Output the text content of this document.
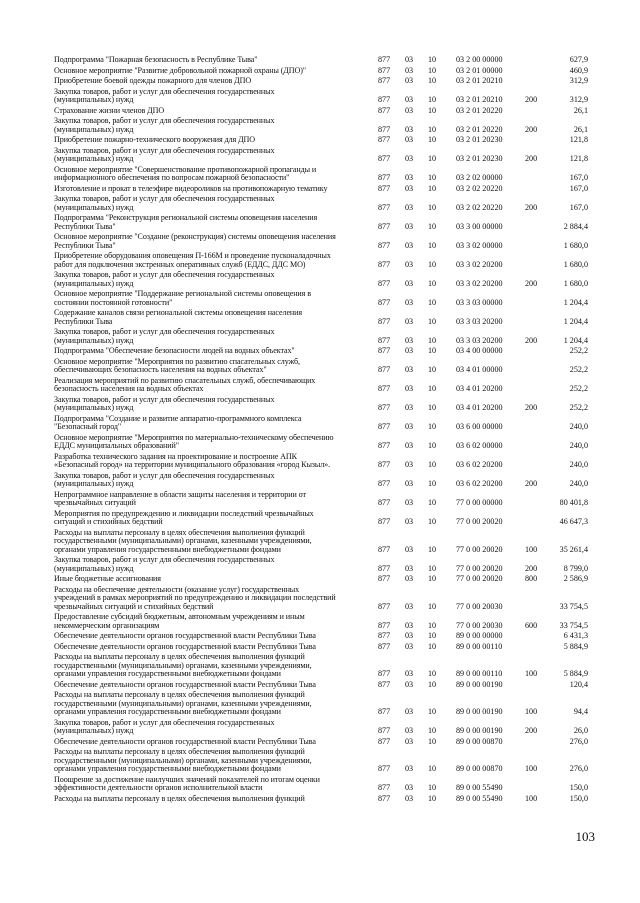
Подпрограмма "Пожарная безопасность в Республике Тыва"	877 03 10 03 2 00 00000	627,9
Основное мероприятие "Развитие добровольной пожарной охраны (ДПО)"	877 03 10 03 2 01 00000	460,9
Приобретение боевой одежды пожарного для членов ДПО	877 03 10 03 2 01 20210	312,9
Закупка товаров, работ и услуг для обеспечения государственных
(муниципальных) нужд	877 03 10 03 2 01 20210	200	312,9
Страхование жизни членов ДПО	877 03 10 03 2 01 20220	26,1
Закупка товаров, работ и услуг для обеспечения государственных
(муниципальных) нужд	877 03 10 03 2 01 20220	200	26,1
Приобретение пожарно-технического вооружения для ДПО	877 03 10 03 2 01 20230	121,8
Закупка товаров, работ и услуг для обеспечения государственных
(муниципальных) нужд	877 03 10 03 2 01 20230	200	121,8
Основное мероприятие "Совершенствование противопожарной пропаганды и
информационного обеспечения по вопросам пожарной безопасности"	877 03 10 03 2 02 00000	167,0
Изготовление и прокат в телеэфире видеороликов на противопожарную тематику	877 03 10 03 2 02 20220	167,0
Закупка товаров, работ и услуг для обеспечения государственных
(муниципальных) нужд	877 03 10 03 2 02 20220	200	167,0
Подпрограмма "Реконструкция региональной системы оповещения населения
Республики Тыва"	877 03 10 03 3 00 00000	2 884,4
Основное мероприятие "Создание (реконструкция) системы оповещения населения
Республики Тыва"	877 03 10 03 3 02 00000	1 680,0
Приобретение оборудования оповещения П-166М и проведение пусконаладочных
работ для подключения экстренных оперативных служб (ЕДДС, ДДС МО)	877 03 10 03 3 02 20200	1 680,0
Закупка товаров, работ и услуг для обеспечения государственных
(муниципальных) нужд	877 03 10 03 3 02 20200	200	1 680,0
Основное мероприятие "Поддержание региональной системы оповещения в
состоянии постоянной готовности"	877 03 10 03 3 03 00000	1 204,4
Содержание каналов связи региональной системы оповещения населения
Республики Тыва	877 03 10 03 3 03 20200	1 204,4
Закупка товаров, работ и услуг для обеспечения государственных
(муниципальных) нужд	877 03 10 03 3 03 20200	200	1 204,4
Подпрограмма "Обеспечение безопасности людей на водных объектах"	877 03 10 03 4 00 00000	252,2
Основное мероприятие "Мероприятия по развитию спасательных служб,
обеспечивающих безопасность населения на водных объектах"	877 03 10 03 4 01 00000	252,2
Реализация мероприятий по развитию спасательных служб, обеспечивающих
безопасность населения на водных объектах	877 03 10 03 4 01 20200	252,2
Закупка товаров, работ и услуг для обеспечения государственных
(муниципальных) нужд	877 03 10 03 4 01 20200	200	252,2
Подпрограмма "Создание и развитие аппаратно-программного комплекса
"Безопасный город"	877 03 10 03 6 00 00000	240,0
Основное мероприятие "Мероприятия по материально-техническому обеспечению
ЕДДС муниципальных образований"	877 03 10 03 6 02 00000	240,0
Разработка технического задания на проектирование и построение АПК
«Безопасный город» на территории муниципального образования «город Кызыл».	877 03 10 03 6 02 20200	240,0
Закупка товаров, работ и услуг для обеспечения государственных
(муниципальных) нужд	877 03 10 03 6 02 20200	200	240,0
Непрограммное направление в области защиты населения и территории от
чрезвычайных ситуаций	877 03 10 77 0 00 00000	80 401,8
Мероприятия по предупреждению и ликвидации последствий чрезвычайных
ситуаций и стихийных бедствий	877 03 10 77 0 00 20020	46 647,3
Расходы на выплаты персоналу в целях обеспечения выполнения функций
государственными (муниципальными) органами, казенными учреждениями,
органами управления государственными внебюджетными фондами	877 03 10 77 0 00 20020	100	35 261,4
Закупка товаров, работ и услуг для обеспечения государственных
(муниципальных) нужд	877 03 10 77 0 00 20020	200	8 799,0
Иные бюджетные ассигнования	877 03 10 77 0 00 20020	800	2 586,9
Расходы на обеспечение деятельности (оказание услуг) государственных
учреждений в рамках мероприятий по предупреждению и ликвидации последствий
чрезвычайных ситуаций и стихийных бедствий	877 03 10 77 0 00 20030	33 754,5
Предоставление субсидий бюджетным, автономным учреждениям и иным
некоммерческим организациям	877 03 10 77 0 00 20030	600	33 754,5
Обеспечение деятельности органов государственной власти Республики Тыва	877 03 10 89 0 00 00000	6 431,3
Обеспечение деятельности органов государственной власти Республики Тыва	877 03 10 89 0 00 00110	5 884,9
Расходы на выплаты персоналу в целях обеспечения выполнения функций
государственными (муниципальными) органами, казенными учреждениями,
органами управления государственными внебюджетными фондами	877 03 10 89 0 00 00110	100	5 884,9
Обеспечение деятельности органов государственной власти Республики Тыва	877 03 10 89 0 00 00190	120,4
Расходы на выплаты персоналу в целях обеспечения выполнения функций
государственными (муниципальными) органами, казенными учреждениями,
органами управления государственными внебюджетными фондами	877 03 10 89 0 00 00190	100	94,4
Закупка товаров, работ и услуг для обеспечения государственных
(муниципальных) нужд	877 03 10 89 0 00 00190	200	26,0
Обеспечение деятельности органов государственной власти Республики Тыва	877 03 10 89 0 00 00870	276,0
Расходы на выплаты персоналу в целях обеспечения выполнения функций
государственными (муниципальными) органами, казенными учреждениями,
органами управления государственными внебюджетными фондами	877 03 10 89 0 00 00870	100	276,0
Поощрение за достижение наилучших значений показателей по итогам оценки
эффективности деятельности органов исполнительной власти	877 03 10 89 0 00 55490	150,0
Расходы на выплаты персоналу в целях обеспечения выполнения функций	877 03 10 89 0 00 55490	100	150,0
103
